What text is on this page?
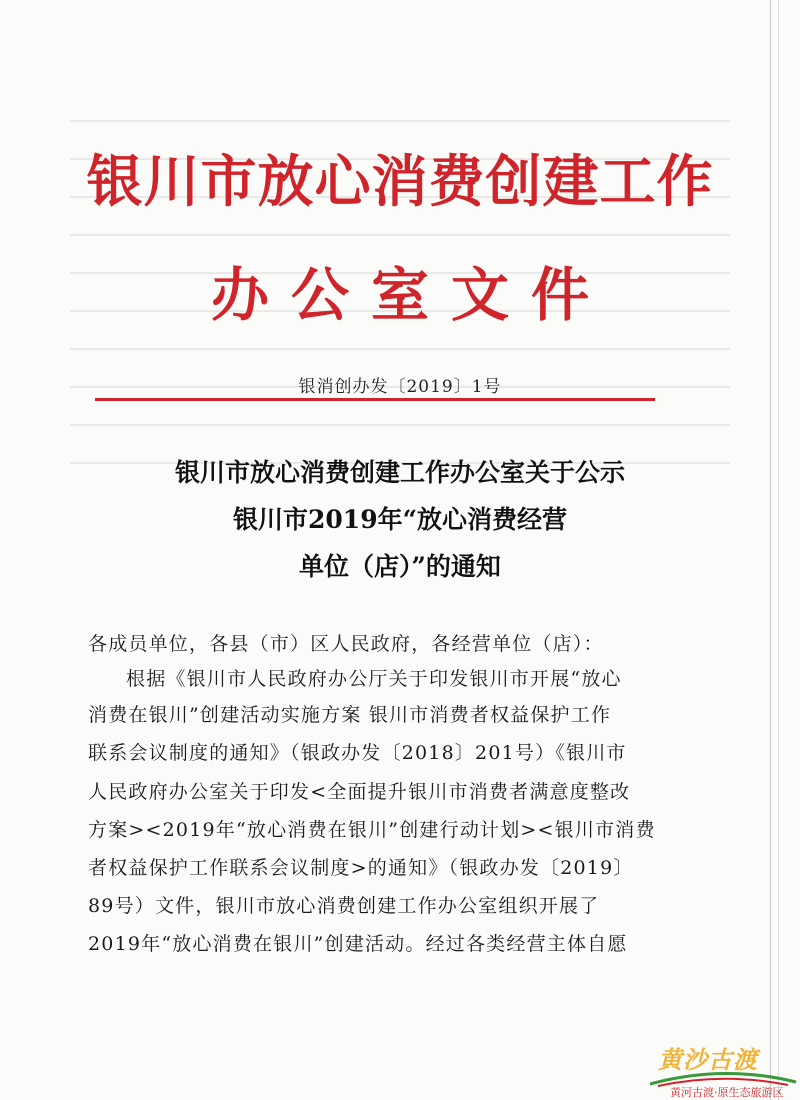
银川市放心消费创建工作
办公室文件
银消创办发〔2019〕1号
银川市放心消费创建工作办公室关于公示
银川市2019年“放心消费经营
单位（店）”的通知
各成员单位，各县（市）区人民政府，各经营单位（店）：
根据《银川市人民政府办公厅关于印发银川市开展“放心
消费在银川”创建活动实施方案 银川市消费者权益保护工作
联系会议制度的通知》（银政办发〔2018〕201号）《银川市
人民政府办公室关于印发<全面提升银川市消费者满意度整改
方案><2019年“放心消费在银川”创建行动计划><银川市消费
者权益保护工作联系会议制度>的通知》（银政办发〔2019〕
89号）文件，银川市放心消费创建工作办公室组织开展了
2019年“放心消费在银川”创建活动。经过各类经营主体自愿
黄沙古渡
黄河古渡·原生态旅游区
